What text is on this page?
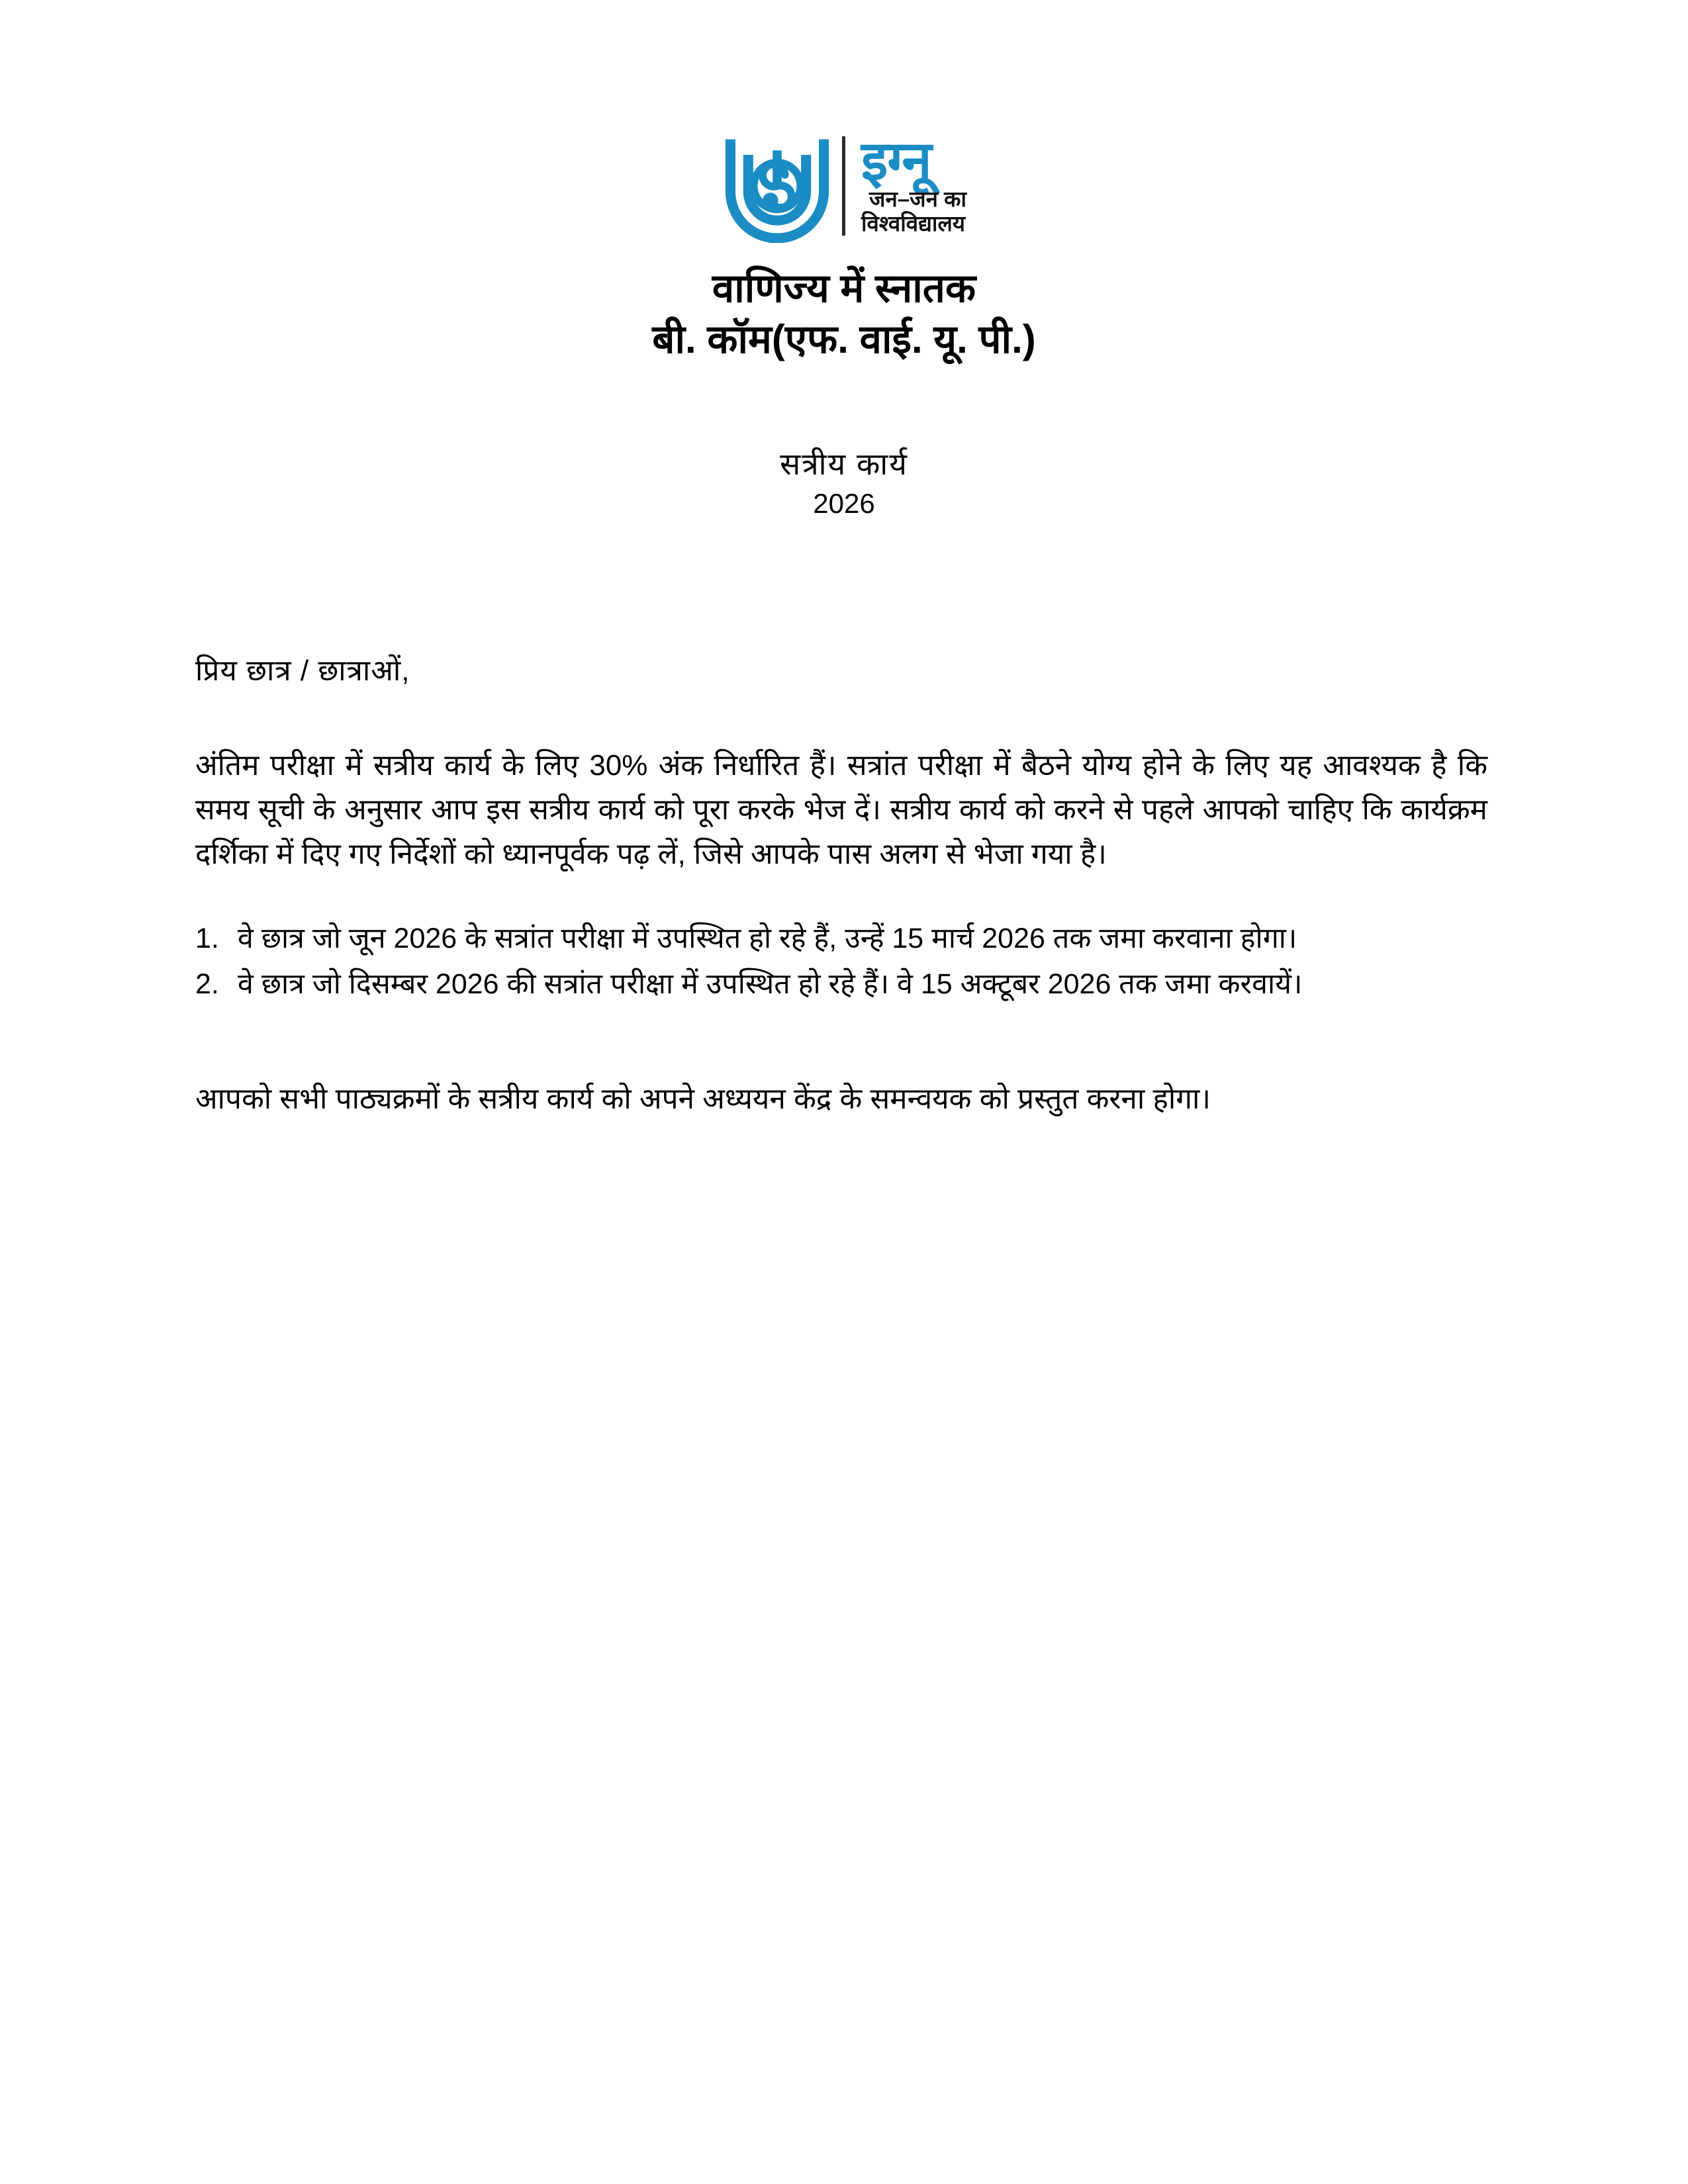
इग्नू
जन–जन का
विश्वविद्यालय
वाणिज्य में स्नातक
बी. कॉम(एफ. वाई. यू. पी.)
सत्रीय कार्य
2026

प्रिय छात्र / छात्राओं,

अंतिम परीक्षा में सत्रीय कार्य के लिए 30% अंक निर्धारित हैं। सत्रांत परीक्षा में बैठने योग्य होने के लिए यह आवश्यक है कि समय सूची के अनुसार आप इस सत्रीय कार्य को पूरा करके भेज दें। सत्रीय कार्य को करने से पहले आपको चाहिए कि कार्यक्रम दर्शिका में दिए गए निर्देशों को ध्यानपूर्वक पढ़ लें, जिसे आपके पास अलग से भेजा गया है।

1. वे छात्र जो जून 2026 के सत्रांत परीक्षा में उपस्थित हो रहे हैं, उन्हें 15 मार्च 2026 तक जमा करवाना होगा।
2. वे छात्र जो दिसम्बर 2026 की सत्रांत परीक्षा में उपस्थित हो रहे हैं। वे 15 अक्टूबर 2026 तक जमा करवायें।

आपको सभी पाठ्यक्रमों के सत्रीय कार्य को अपने अध्ययन केंद्र के समन्वयक को प्रस्तुत करना होगा।
